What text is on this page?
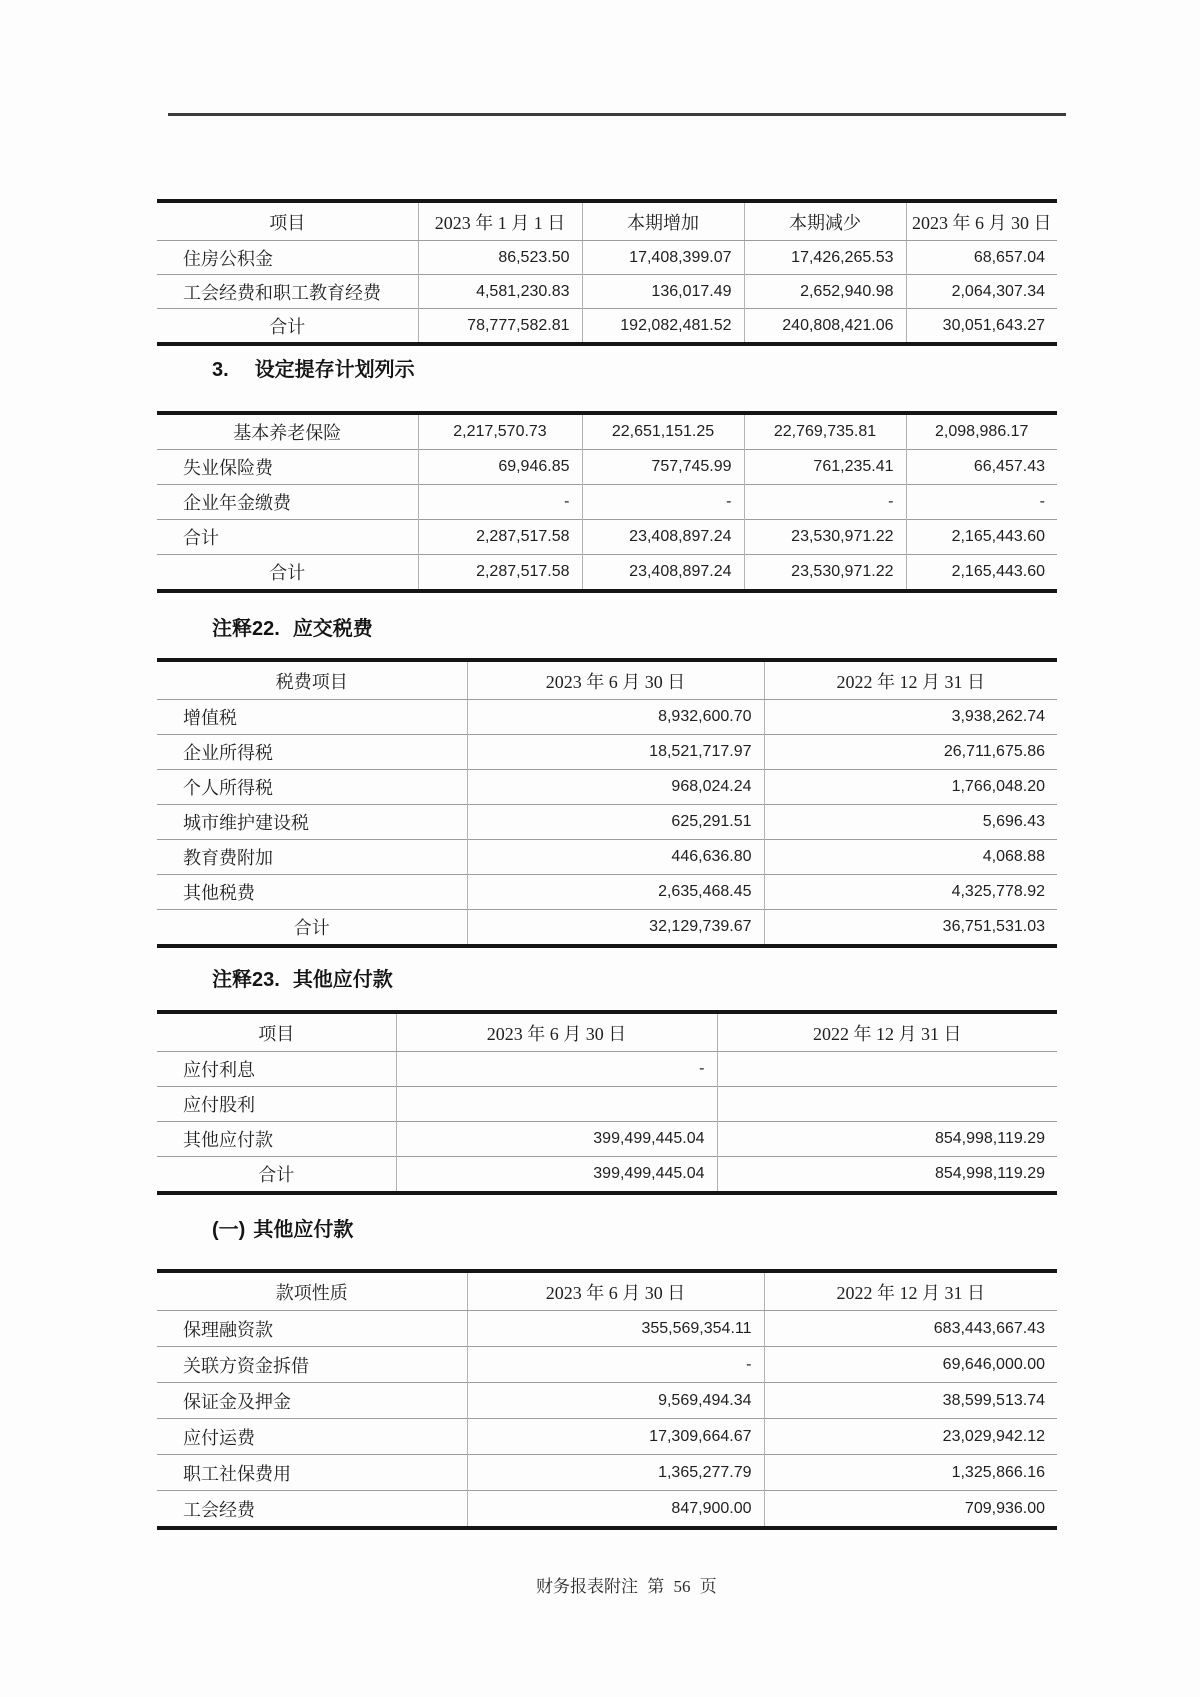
项目	2023 年 1 月 1 日	本期增加	本期减少	2023 年 6 月 30 日
住房公积金	86,523.50	17,408,399.07	17,426,265.53	68,657.04
工会经费和职工教育经费	4,581,230.83	136,017.49	2,652,940.98	2,064,307.34
合计	78,777,582.81	192,082,481.52	240,808,421.06	30,051,643.27
3. 设定提存计划列示
基本养老保险	2,217,570.73	22,651,151.25	22,769,735.81	2,098,986.17
失业保险费	69,946.85	757,745.99	761,235.41	66,457.43
企业年金缴费	-	-	-	-
合计	2,287,517.58	23,408,897.24	23,530,971.22	2,165,443.60
合计	2,287,517.58	23,408,897.24	23,530,971.22	2,165,443.60
注释22. 应交税费
税费项目	2023 年 6 月 30 日	2022 年 12 月 31 日
增值税	8,932,600.70	3,938,262.74
企业所得税	18,521,717.97	26,711,675.86
个人所得税	968,024.24	1,766,048.20
城市维护建设税	625,291.51	5,696.43
教育费附加	446,636.80	4,068.88
其他税费	2,635,468.45	4,325,778.92
合计	32,129,739.67	36,751,531.03
注释23. 其他应付款
项目	2023 年 6 月 30 日	2022 年 12 月 31 日
应付利息	-	
应付股利		
其他应付款	399,499,445.04	854,998,119.29
合计	399,499,445.04	854,998,119.29
(一) 其他应付款
款项性质	2023 年 6 月 30 日	2022 年 12 月 31 日
保理融资款	355,569,354.11	683,443,667.43
关联方资金拆借	-	69,646,000.00
保证金及押金	9,569,494.34	38,599,513.74
应付运费	17,309,664.67	23,029,942.12
职工社保费用	1,365,277.79	1,325,866.16
工会经费	847,900.00	709,936.00
财务报表附注 第 56 页
